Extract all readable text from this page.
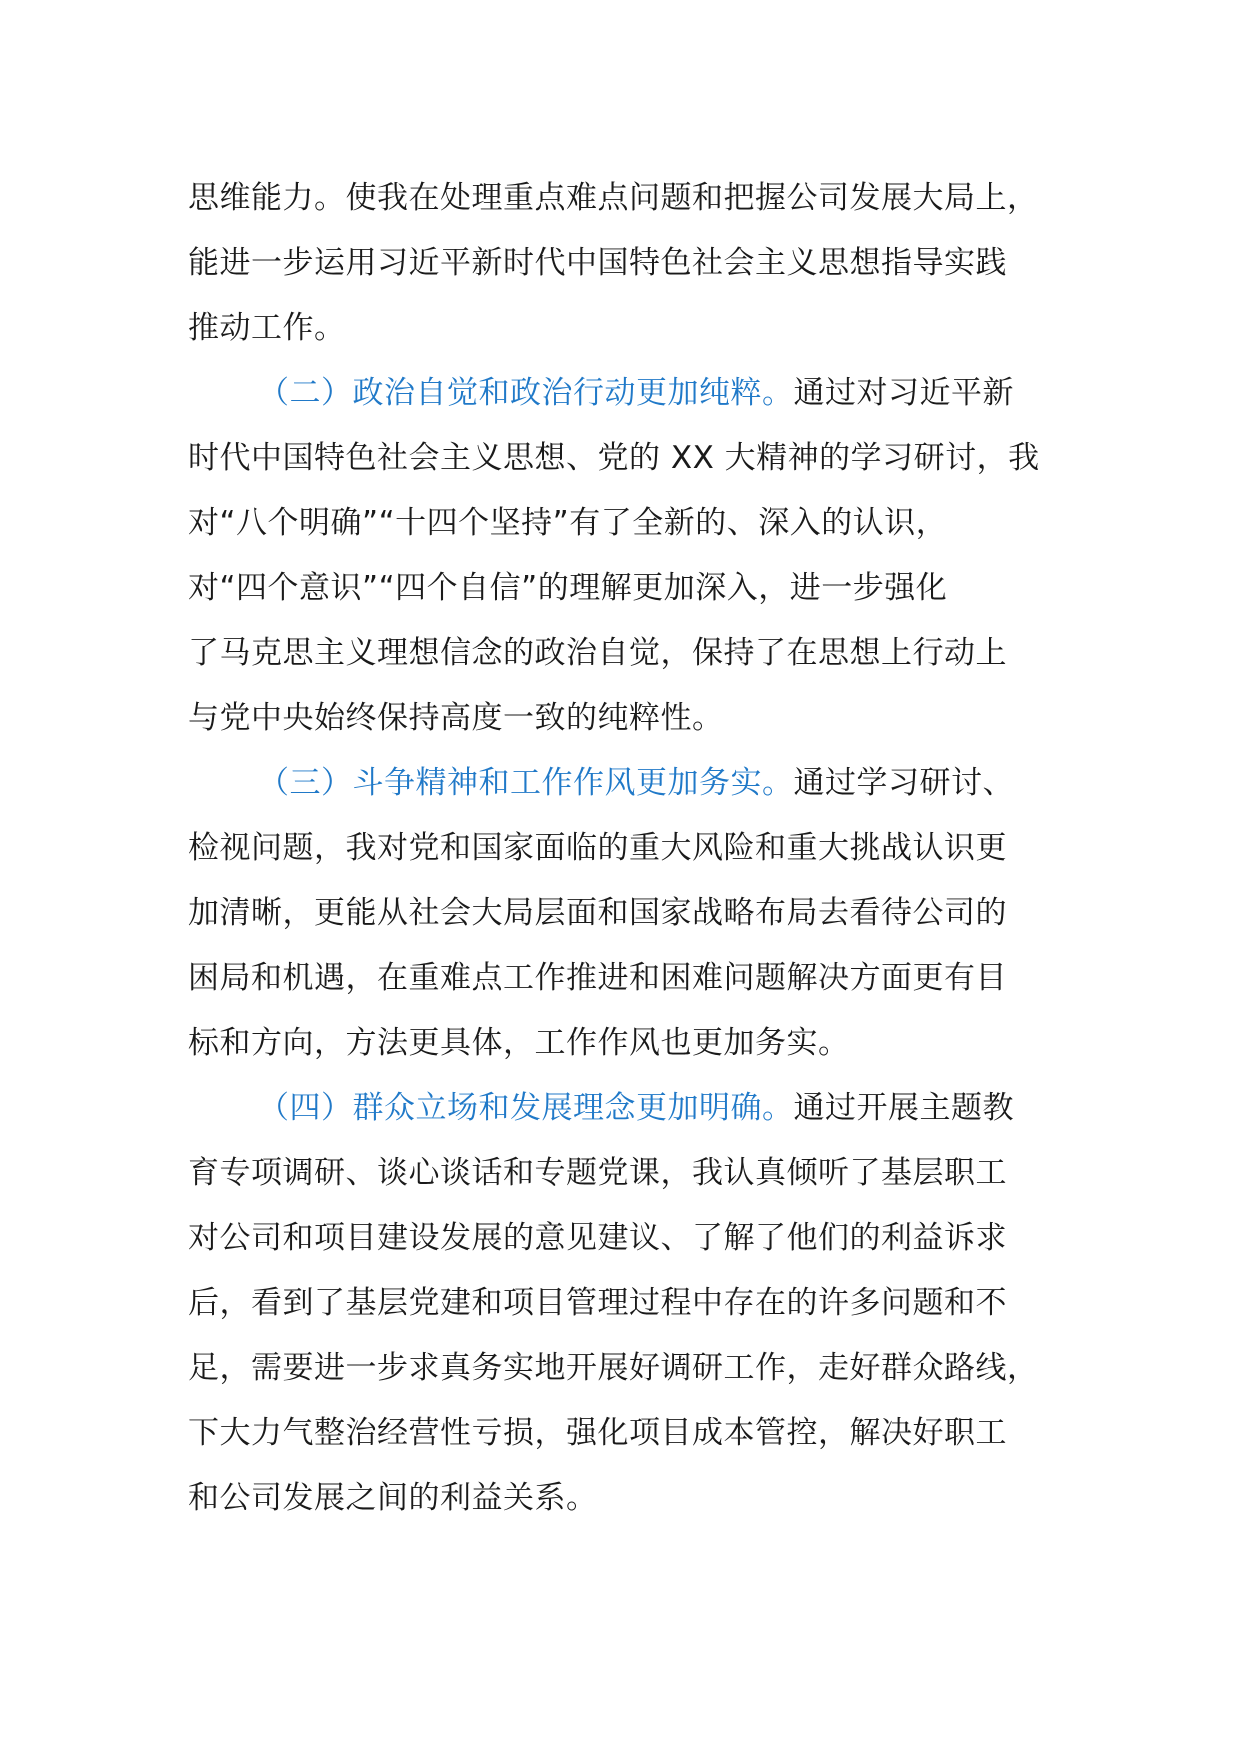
思维能力。使我在处理重点难点问题和把握公司发展大局上，
能进一步运用习近平新时代中国特色社会主义思想指导实践
推动工作。
（二）政治自觉和政治行动更加纯粹。通过对习近平新
时代中国特色社会主义思想、党的 XX 大精神的学习研讨，我
对“八个明确”“十四个坚持”有了全新的、深入的认识，
对“四个意识”“四个自信”的理解更加深入，进一步强化
了马克思主义理想信念的政治自觉，保持了在思想上行动上
与党中央始终保持高度一致的纯粹性。
（三）斗争精神和工作作风更加务实。通过学习研讨、
检视问题，我对党和国家面临的重大风险和重大挑战认识更
加清晰，更能从社会大局层面和国家战略布局去看待公司的
困局和机遇，在重难点工作推进和困难问题解决方面更有目
标和方向，方法更具体，工作作风也更加务实。
（四）群众立场和发展理念更加明确。通过开展主题教
育专项调研、谈心谈话和专题党课，我认真倾听了基层职工
对公司和项目建设发展的意见建议、了解了他们的利益诉求
后，看到了基层党建和项目管理过程中存在的许多问题和不
足，需要进一步求真务实地开展好调研工作，走好群众路线，
下大力气整治经营性亏损，强化项目成本管控，解决好职工
和公司发展之间的利益关系。
